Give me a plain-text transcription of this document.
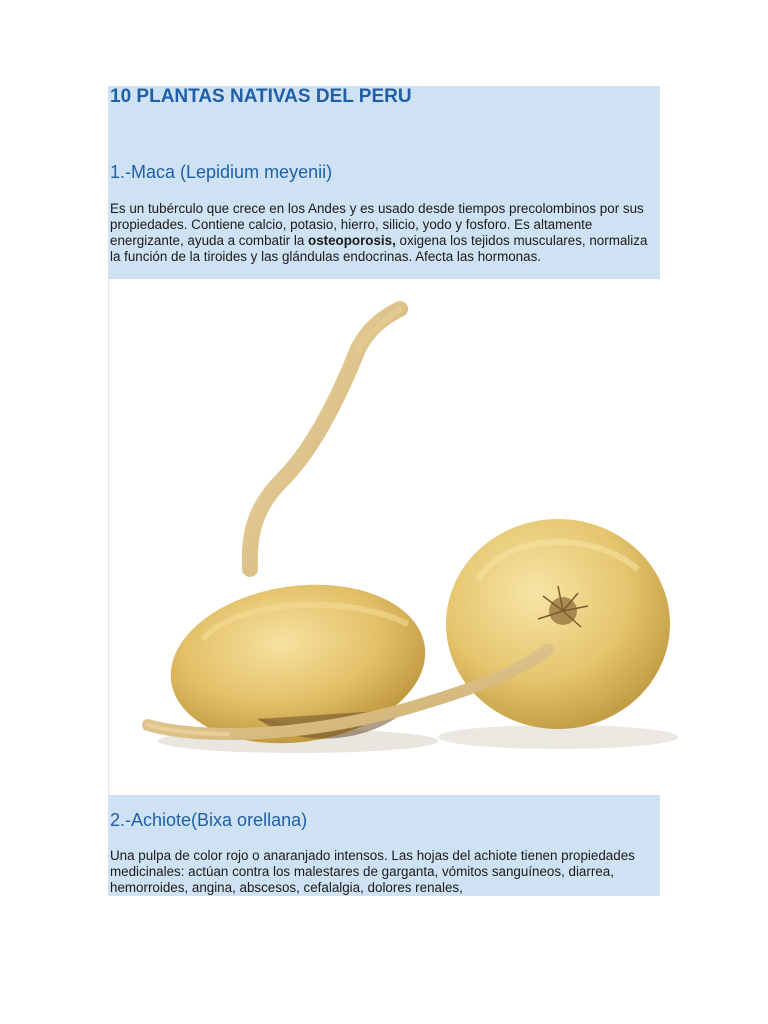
10 PLANTAS NATIVAS DEL PERU
1.-Maca (Lepidium meyenii)

Es un tubérculo que crece en los Andes y es usado desde tiempos precolombinos por sus propiedades. Contiene calcio, potasio, hierro, silicio, yodo y fosforo. Es altamente energizante, ayuda a combatir la osteoporosis, oxigena los tejidos musculares, normaliza la función de la tiroides y las glándulas endocrinas. Afecta las hormonas.

2.-Achiote(Bixa orellana)

Una pulpa de color rojo o anaranjado intensos. Las hojas del achiote tienen propiedades medicinales: actúan contra los malestares de garganta, vómitos sanguíneos, diarrea, hemorroides, angina, abscesos, cefalalgia, dolores renales,
